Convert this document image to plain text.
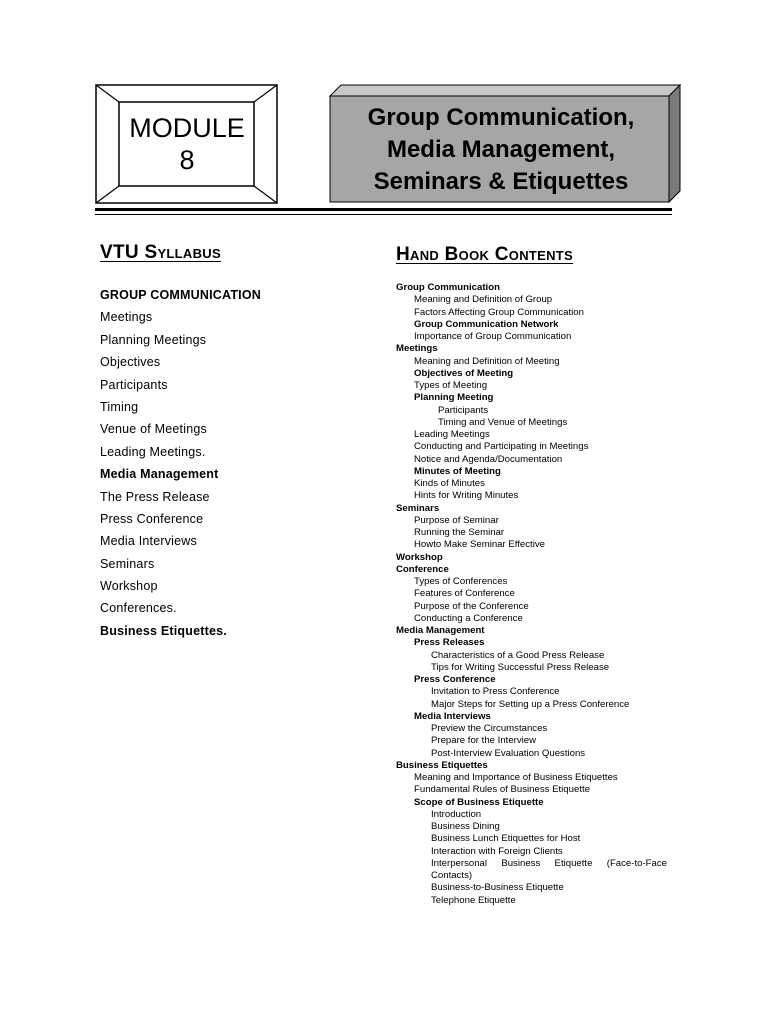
MODULE
8
Group Communication,
Media Management,
Seminars & Etiquettes
VTU Syllabus	Hand Book Contents
GROUP COMMUNICATION
Meetings
Planning Meetings
Objectives
Participants
Timing
Venue of Meetings
Leading Meetings.
Media Management
The Press Release
Press Conference
Media Interviews
Seminars
Workshop
Conferences.
Business Etiquettes.
Group Communication
Meaning and Definition of Group
Factors Affecting Group Communication
Group Communication Network
Importance of Group Communication
Meetings
Meaning and Definition of Meeting
Objectives of Meeting
Types of Meeting
Planning Meeting
Participants
Timing and Venue of Meetings
Leading Meetings
Conducting and Participating in Meetings
Notice and Agenda/Documentation
Minutes of Meeting
Kinds of Minutes
Hints for Writing Minutes
Seminars
Purpose of Seminar
Running the Seminar
Howto Make Seminar Effective
Workshop
Conference
Types of Conferences
Features of Conference
Purpose of the Conference
Conducting a Conference
Media Management
Press Releases
Characteristics of a Good Press Release
Tips for Writing Successful Press Release
Press Conference
Invitation to Press Conference
Major Steps for Setting up a Press Conference
Media Interviews
Preview the Circumstances
Prepare for the Interview
Post-Interview Evaluation Questions
Business Etiquettes
Meaning and Importance of Business Etiquettes
Fundamental Rules of Business Etiquette
Scope of Business Etiquette
Introduction
Business Dining
Business Lunch Etiquettes for Host
Interaction with Foreign Clients
Interpersonal Business Etiquette (Face-to-Face Contacts)
Business-to-Business Etiquette
Telephone Etiquette
